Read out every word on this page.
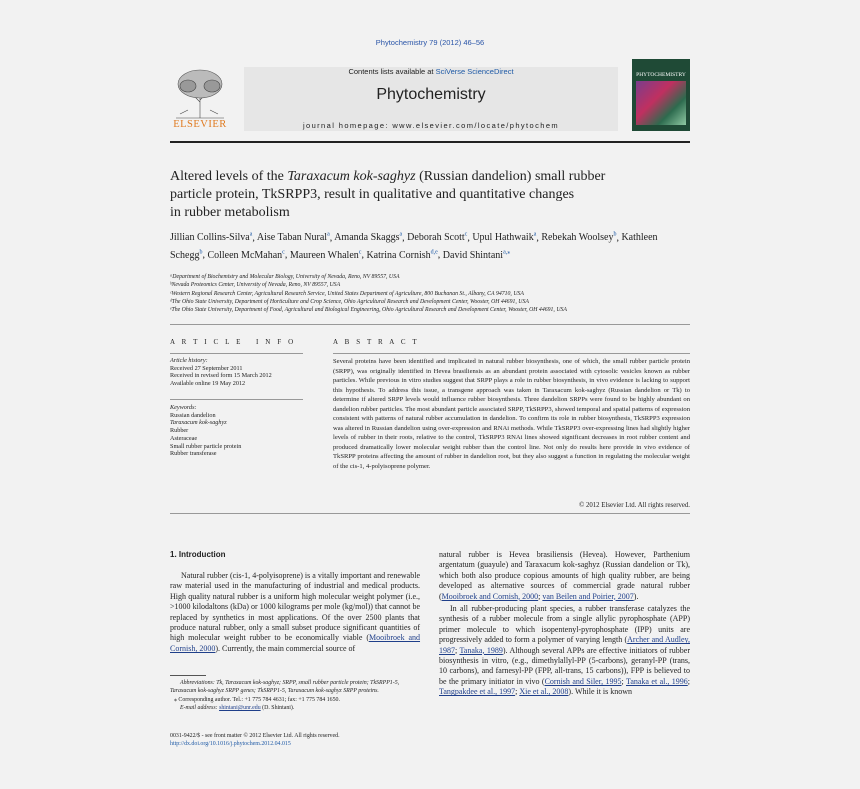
Phytochemistry 79 (2012) 46–56
ELSEVIER
Contents lists available at SciVerse ScienceDirect
Phytochemistry
journal homepage: www.elsevier.com/locate/phytochem
PHYTOCHEMISTRY
Altered levels of the Taraxacum kok-saghyz (Russian dandelion) small rubber
particle protein, TkSRPP3, result in qualitative and quantitative changes
in rubber metabolism
Jillian Collins-Silva$^a$, Aise Taban Nural$^a$, Amanda Skaggs$^a$, Deborah Scott$^c$, Upul Hathwaik$^a$, Rebekah Woolsey$^b$, Kathleen Schegg$^b$, Colleen McMahan$^c$, Maureen Whalen$^c$, Katrina Cornish$^{d,e}$, David Shintani$^{a,⁎}$
ᵃDepartment of Biochemistry and Molecular Biology, University of Nevada, Reno, NV 89557, USA
ᵇNevada Proteomics Center, University of Nevada, Reno, NV 89557, USA
ᶜWestern Regional Research Center, Agricultural Research Service, United States Department of Agriculture, 800 Buchanan St., Albany, CA 94710, USA
ᵈThe Ohio State University, Department of Horticulture and Crop Science, Ohio Agricultural Research and Development Center, Wooster, OH 44691, USA
ᵉThe Ohio State University, Department of Food, Agricultural and Biological Engineering, Ohio Agricultural Research and Development Center, Wooster, OH 44691, USA
A R T I C L E   I N F O
Article history:
Received 27 September 2011
Received in revised form 15 March 2012
Available online 19 May 2012
Keywords:
Russian dandelion
Taraxacum kok-saghyz
Rubber
Asteraceae
Small rubber particle protein
Rubber transferase
A B S T R A C T
Several proteins have been identified and implicated in natural rubber biosynthesis, one of which, the small rubber particle protein (SRPP), was originally identified in Hevea brasiliensis as an abundant protein associated with cytosolic vesicles known as rubber particles. While previous in vitro studies suggest that SRPP plays a role in rubber biosynthesis, in vivo evidence is lacking to support this hypothesis. To address this issue, a transgene approach was taken in Taraxacum kok-saghyz (Russian dandelion or Tk) to determine if altered SRPP levels would influence rubber biosynthesis. Three dandelion SRPPs were found to be highly abundant on dandelion rubber particles. The most abundant particle associated SRPP, TkSRPP3, showed temporal and spatial patterns of expression consistent with patterns of natural rubber accumulation in dandelion. To confirm its role in rubber biosynthesis, TkSRPP3 expression was altered in Russian dandelion using over-expression and RNAi methods. While TkSRPP3 over-expressing lines had slightly higher levels of rubber in their roots, relative to the control, TkSRPP3 RNAi lines showed significant decreases in root rubber content and produced dramatically lower molecular weight rubber than the control line. Not only do results here provide in vivo evidence of TkSRPP proteins affecting the amount of rubber in dandelion root, but they also suggest a function in regulating the molecular weight of the cis-1, 4-polyisoprene polymer.
© 2012 Elsevier Ltd. All rights reserved.
1. Introduction
Natural rubber (cis-1, 4-polyisoprene) is a vitally important and renewable raw material used in the manufacturing of industrial and medical products. High quality natural rubber is a uniform high molecular weight polymer (i.e., >1000 kilodaltons (kDa) or 1000 kilograms per mole (kg/mol)) that cannot be replaced by synthetics in most applications. Of the over 2500 plants that produce natural rubber, only a small subset produce significant quantities of high molecular weight rubber to be economically viable (Mooibroek and Cornish, 2000). Currently, the main commercial source of
Abbreviations: Tk, Taraxacum kok-saghyz; SRPP, small rubber particle protein; TkSRPP1-5, Taraxacum kok-saghyz SRPP genes; TkSRPP1-5, Taraxacum kok-saghyz SRPP proteins.
⁎ Corresponding author. Tel.: +1 775 784 4631; fax: +1 775 784 1650.
E-mail address: shintani@unr.edu (D. Shintani).
0031-9422/$ - see front matter © 2012 Elsevier Ltd. All rights reserved.
http://dx.doi.org/10.1016/j.phytochem.2012.04.015
natural rubber is Hevea brasiliensis (Hevea). However, Parthenium argentatum (guayule) and Taraxacum kok-saghyz (Russian dandelion or Tk), which both also produce copious amounts of high quality rubber, are being developed as alternative sources of commercial grade natural rubber (Mooibroek and Cornish, 2000; van Beilen and Poirier, 2007).
In all rubber-producing plant species, a rubber transferase catalyzes the synthesis of a rubber molecule from a single allylic pyrophosphate (APP) primer molecule to which isopentenyl-pyrophosphate (IPP) units are progressively added to form a polymer of varying length (Archer and Audley, 1987; Tanaka, 1989). Although several APPs are effective initiators of rubber biosynthesis in vitro, (e.g., dimethylallyl-PP (5-carbons), geranyl-PP (trans, 10 carbons), and farnesyl-PP (FPP, all-trans, 15 carbons)), FPP is believed to be the primary initiator in vivo (Cornish and Siler, 1995; Tanaka et al., 1996; Tangpakdee et al., 1997; Xie et al., 2008). While it is known
